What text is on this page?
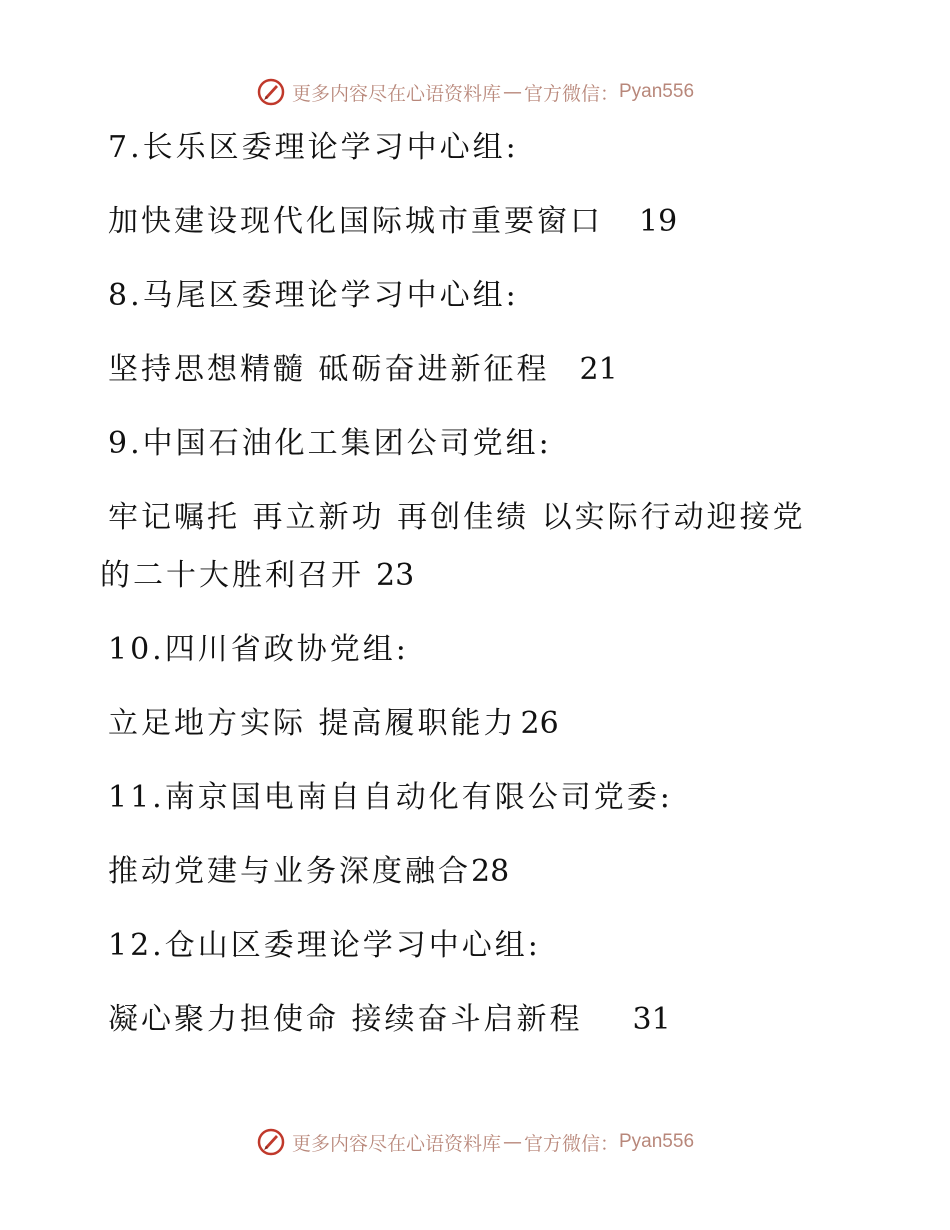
更多内容尽在心语资料库 — 官方微信： Pyan556
7.长乐区委理论学习中心组:
加快建设现代化国际城市重要窗口 19
8.马尾区委理论学习中心组:
坚持思想精髓 砥砺奋进新征程 21
9.中国石油化工集团公司党组:
牢记嘱托 再立新功 再创佳绩 以实际行动迎接党
的二十大胜利召开 23
10.四川省政协党组:
立足地方实际 提高履职能力 26
11.南京国电南自自动化有限公司党委:
推动党建与业务深度融合28
12.仓山区委理论学习中心组:
凝心聚力担使命 接续奋斗启新程 31
更多内容尽在心语资料库 — 官方微信： Pyan556
